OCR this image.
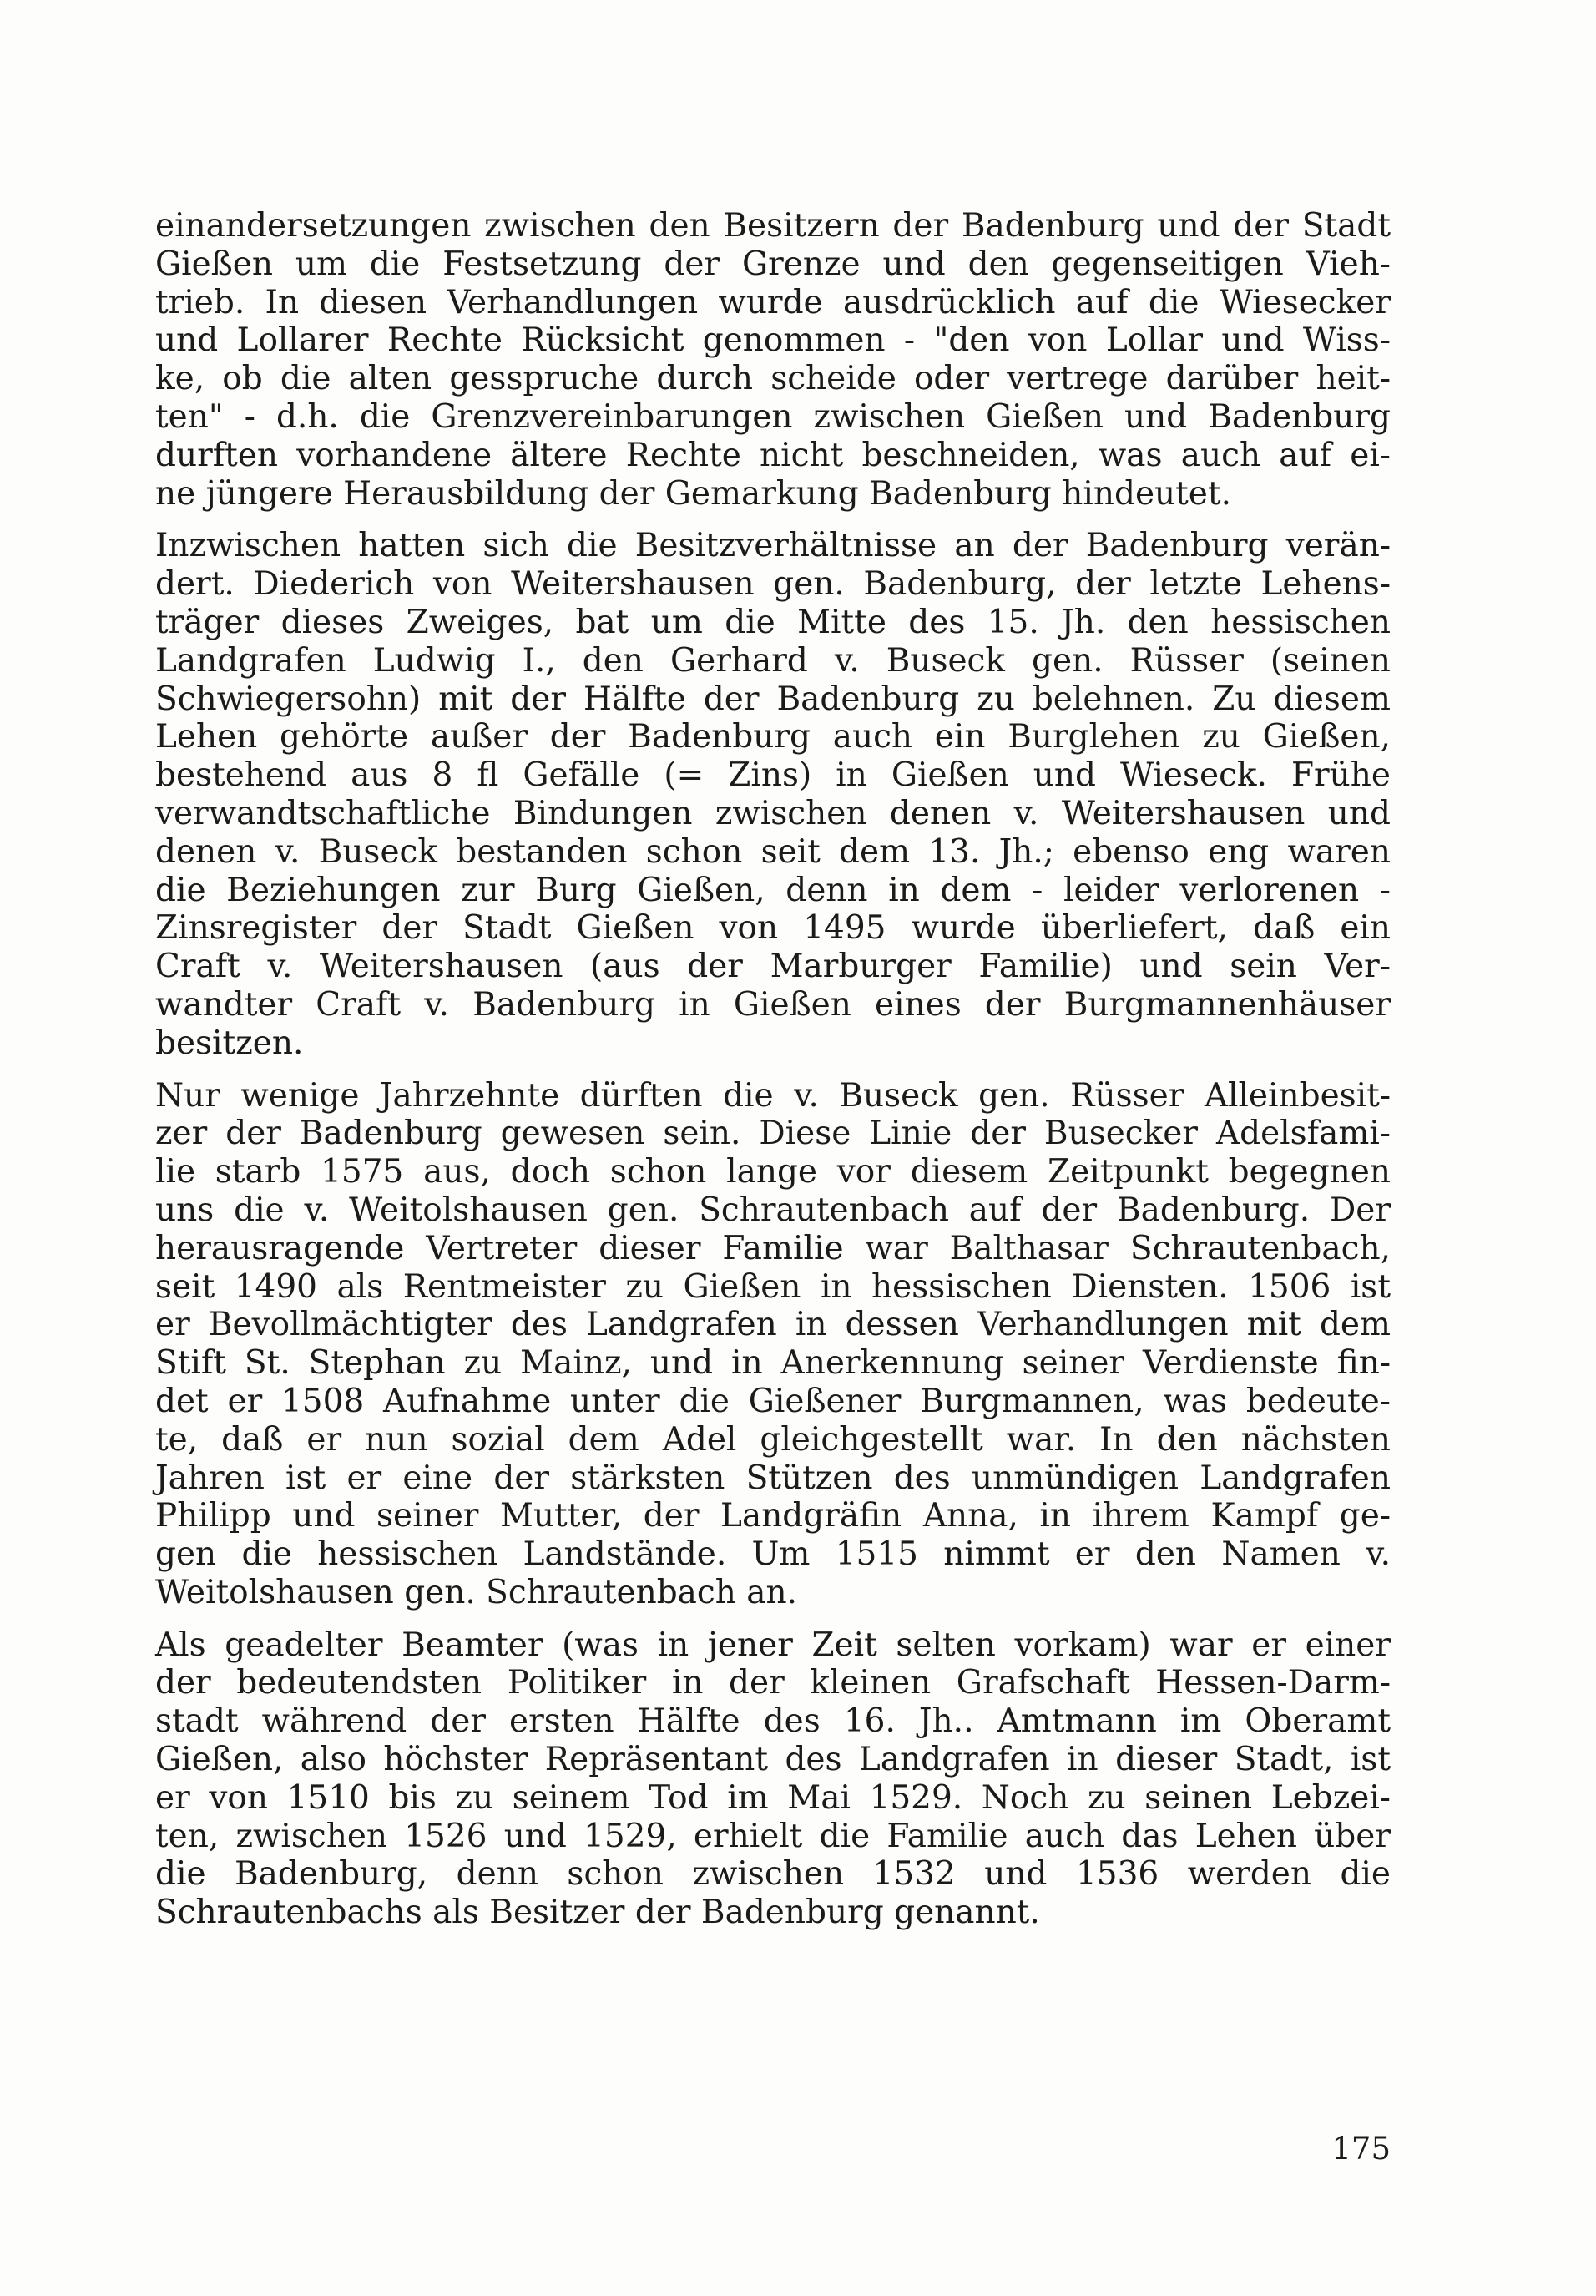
einandersetzungen zwischen den Besitzern der Badenburg und der Stadt
Gießen um die Festsetzung der Grenze und den gegenseitigen Vieh-
trieb. In diesen Verhandlungen wurde ausdrücklich auf die Wiesecker
und Lollarer Rechte Rücksicht genommen - "den von Lollar und Wiss-
ke, ob die alten gesspruche durch scheide oder vertrege darüber heit-
ten" - d.h. die Grenzvereinbarungen zwischen Gießen und Badenburg
durften vorhandene ältere Rechte nicht beschneiden, was auch auf ei-
ne jüngere Herausbildung der Gemarkung Badenburg hindeutet.
Inzwischen hatten sich die Besitzverhältnisse an der Badenburg verän-
dert. Diederich von Weitershausen gen. Badenburg, der letzte Lehens-
träger dieses Zweiges, bat um die Mitte des 15. Jh. den hessischen
Landgrafen Ludwig I., den Gerhard v. Buseck gen. Rüsser (seinen
Schwiegersohn) mit der Hälfte der Badenburg zu belehnen. Zu diesem
Lehen gehörte außer der Badenburg auch ein Burglehen zu Gießen,
bestehend aus 8 fl Gefälle (= Zins) in Gießen und Wieseck. Frühe
verwandtschaftliche Bindungen zwischen denen v. Weitershausen und
denen v. Buseck bestanden schon seit dem 13. Jh.; ebenso eng waren
die Beziehungen zur Burg Gießen, denn in dem - leider verlorenen -
Zinsregister der Stadt Gießen von 1495 wurde überliefert, daß ein
Craft v. Weitershausen (aus der Marburger Familie) und sein Ver-
wandter Craft v. Badenburg in Gießen eines der Burgmannenhäuser
besitzen.
Nur wenige Jahrzehnte dürften die v. Buseck gen. Rüsser Alleinbesit-
zer der Badenburg gewesen sein. Diese Linie der Busecker Adelsfami-
lie starb 1575 aus, doch schon lange vor diesem Zeitpunkt begegnen
uns die v. Weitolshausen gen. Schrautenbach auf der Badenburg. Der
herausragende Vertreter dieser Familie war Balthasar Schrautenbach,
seit 1490 als Rentmeister zu Gießen in hessischen Diensten. 1506 ist
er Bevollmächtigter des Landgrafen in dessen Verhandlungen mit dem
Stift St. Stephan zu Mainz, und in Anerkennung seiner Verdienste fin-
det er 1508 Aufnahme unter die Gießener Burgmannen, was bedeute-
te, daß er nun sozial dem Adel gleichgestellt war. In den nächsten
Jahren ist er eine der stärksten Stützen des unmündigen Landgrafen
Philipp und seiner Mutter, der Landgräfin Anna, in ihrem Kampf ge-
gen die hessischen Landstände. Um 1515 nimmt er den Namen v.
Weitolshausen gen. Schrautenbach an.
Als geadelter Beamter (was in jener Zeit selten vorkam) war er einer
der bedeutendsten Politiker in der kleinen Grafschaft Hessen-Darm-
stadt während der ersten Hälfte des 16. Jh.. Amtmann im Oberamt
Gießen, also höchster Repräsentant des Landgrafen in dieser Stadt, ist
er von 1510 bis zu seinem Tod im Mai 1529. Noch zu seinen Lebzei-
ten, zwischen 1526 und 1529, erhielt die Familie auch das Lehen über
die Badenburg, denn schon zwischen 1532 und 1536 werden die
Schrautenbachs als Besitzer der Badenburg genannt.
175
